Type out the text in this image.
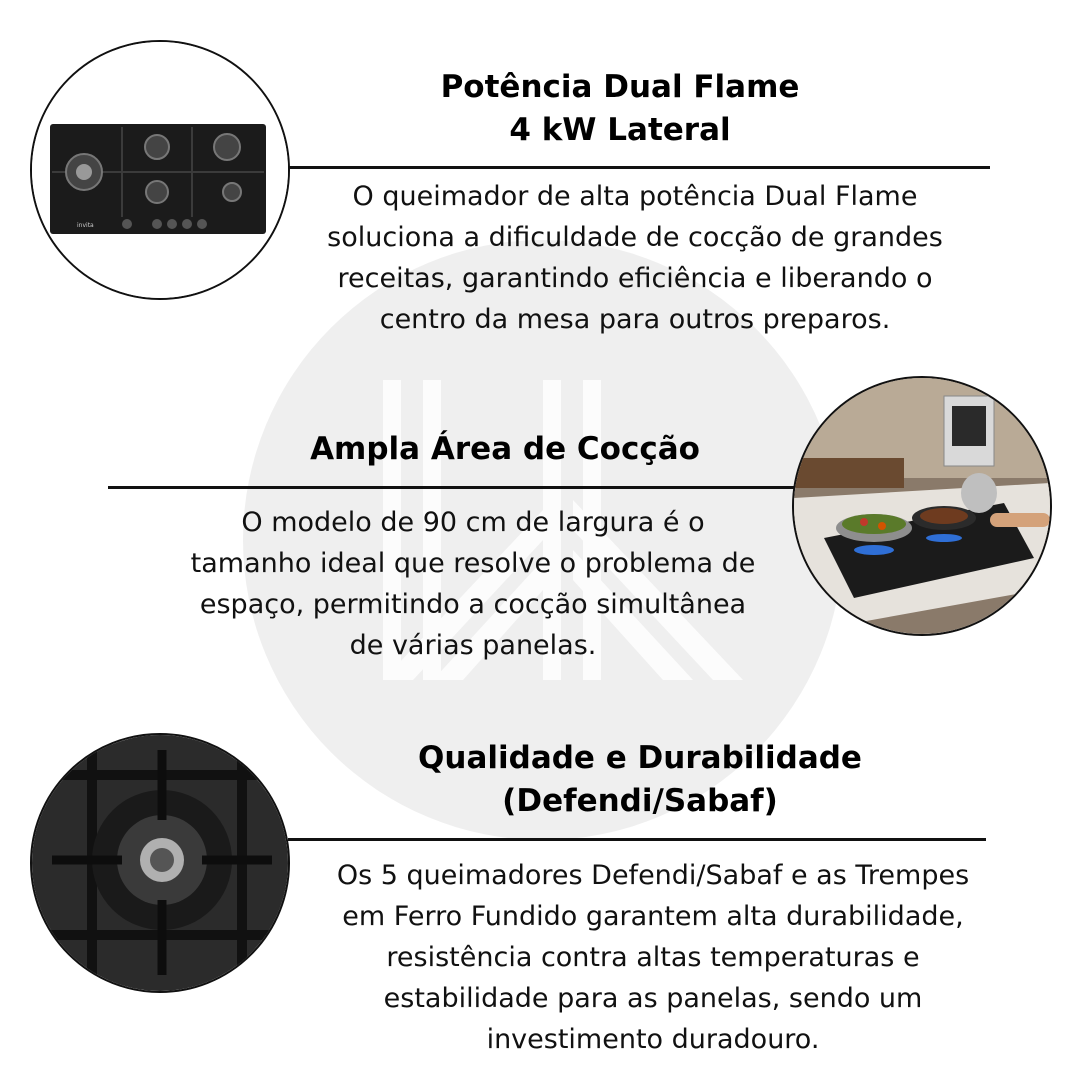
invita
Potência Dual Flame
4 kW Lateral
O queimador de alta potência Dual Flame
soluciona a dificuldade de cocção de grandes
receitas, garantindo eficiência e liberando o
centro da mesa para outros preparos.
Ampla Área de Cocção
O modelo de 90 cm de largura é o
tamanho ideal que resolve o problema de
espaço, permitindo a cocção simultânea
de várias panelas.
Qualidade e Durabilidade
(Defendi/Sabaf)
Os 5 queimadores Defendi/Sabaf e as Trempes
em Ferro Fundido garantem alta durabilidade,
resistência contra altas temperaturas e
estabilidade para as panelas, sendo um
investimento duradouro.
